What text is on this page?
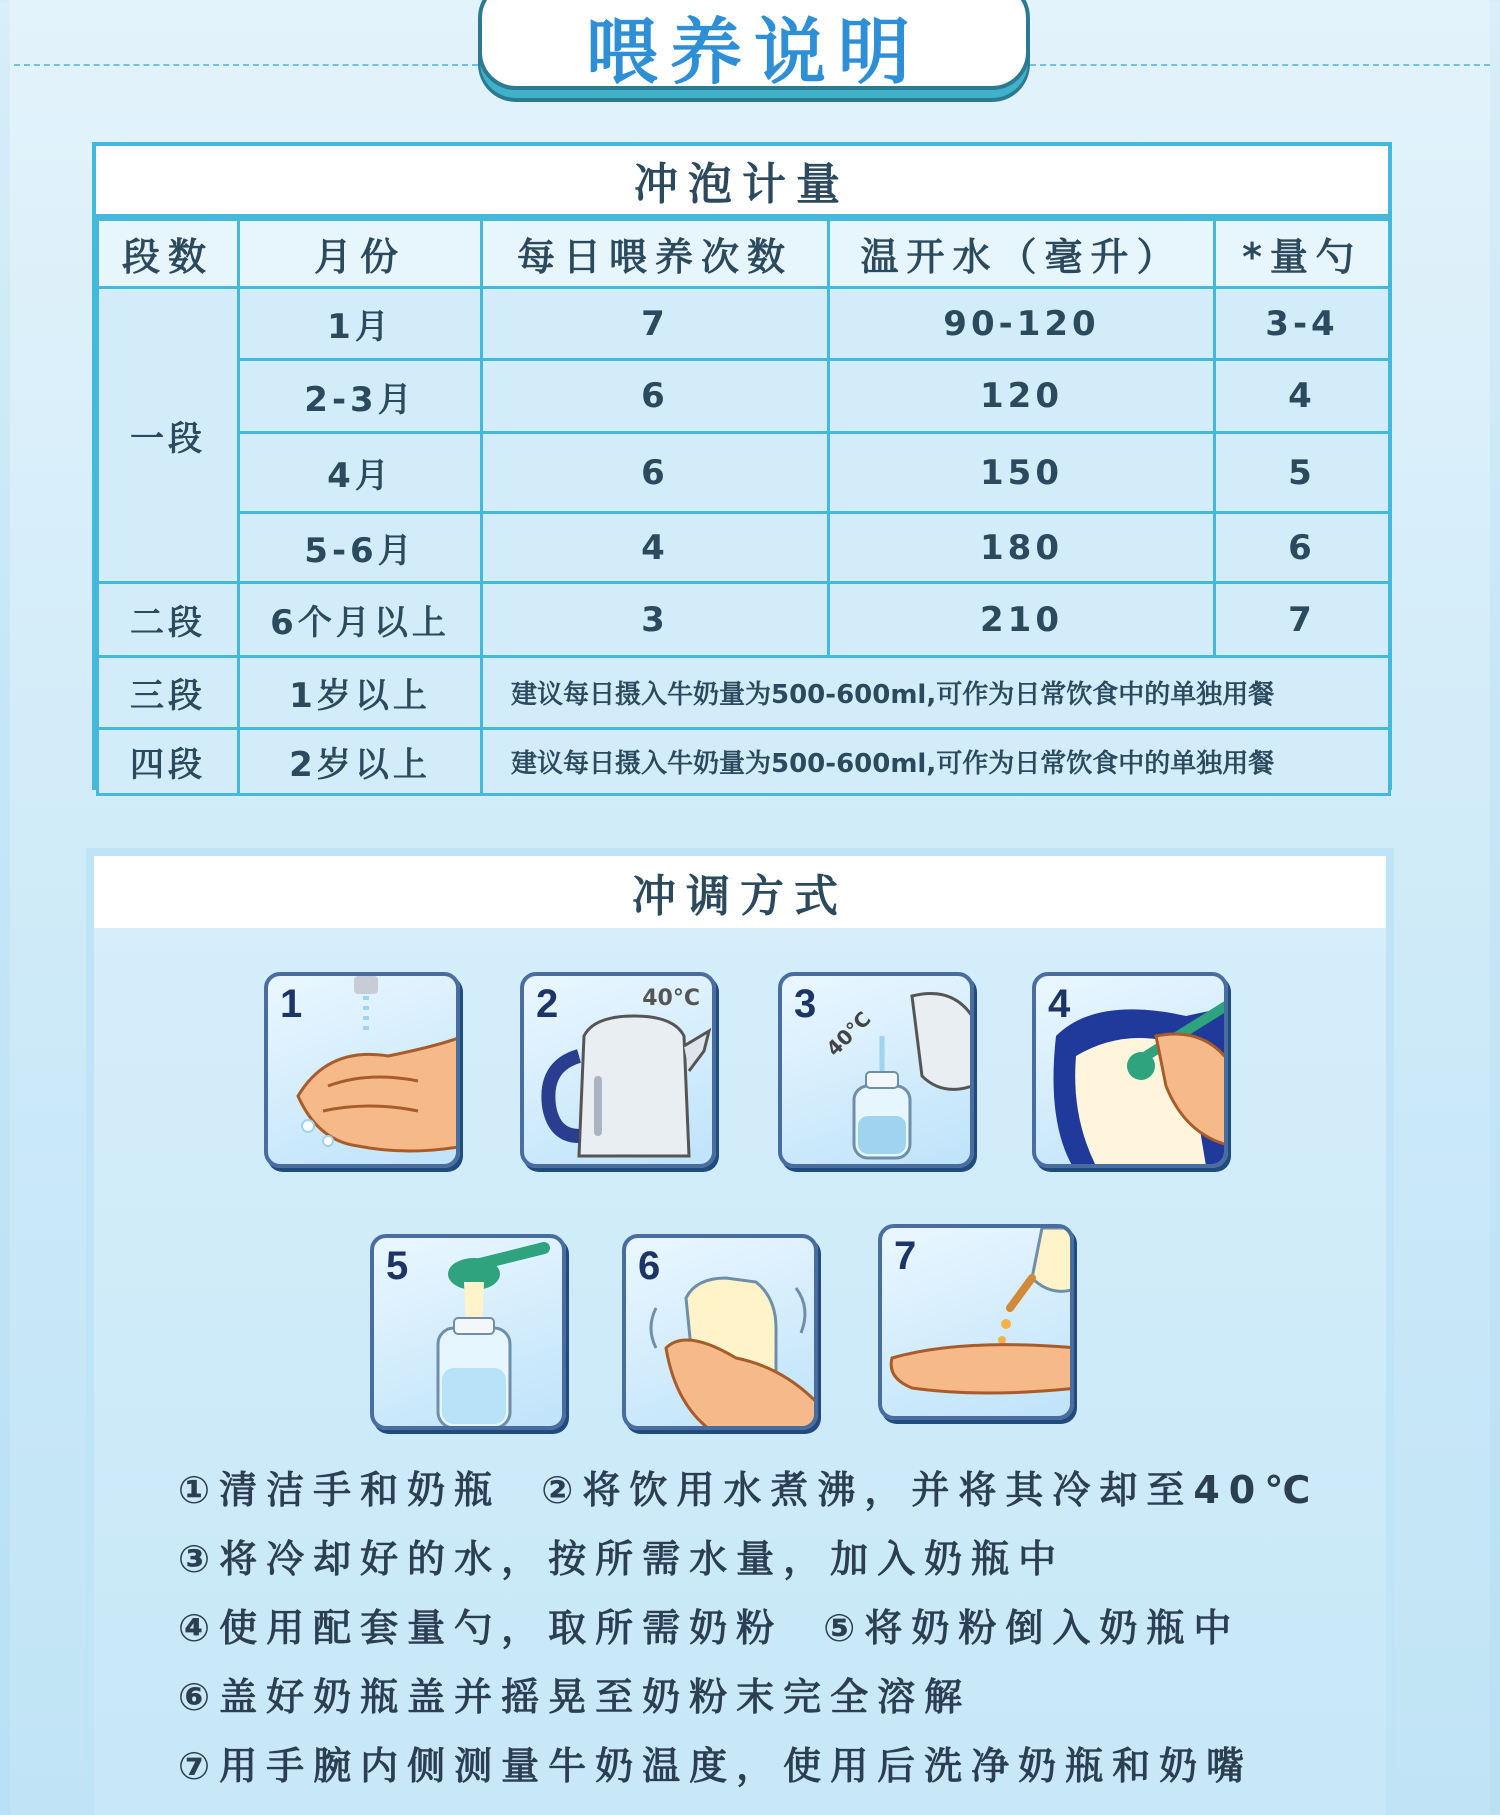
喂养说明
冲泡计量
段数	月份	每日喂养次数	温开水（毫升）	*量勺
一段	1月	7	90-120	3-4
	2-3月	6	120	4
	4月	6	150	5
	5-6月	4	180	6
二段	6个月以上	3	210	7
三段	1岁以上	建议每日摄入牛奶量为500-600ml,可作为日常饮食中的单独用餐		
四段	2岁以上	建议每日摄入牛奶量为500-600ml,可作为日常饮食中的单独用餐		
冲调方式
1	2	40°C 3
40°C
4
5	6	7
①清洁手和奶瓶 ②将饮用水煮沸，并将其冷却至40℃
③将冷却好的水，按所需水量，加入奶瓶中
④使用配套量勺，取所需奶粉 ⑤将奶粉倒入奶瓶中
⑥盖好奶瓶盖并摇晃至奶粉末完全溶解
⑦用手腕内侧测量牛奶温度，使用后洗净奶瓶和奶嘴
